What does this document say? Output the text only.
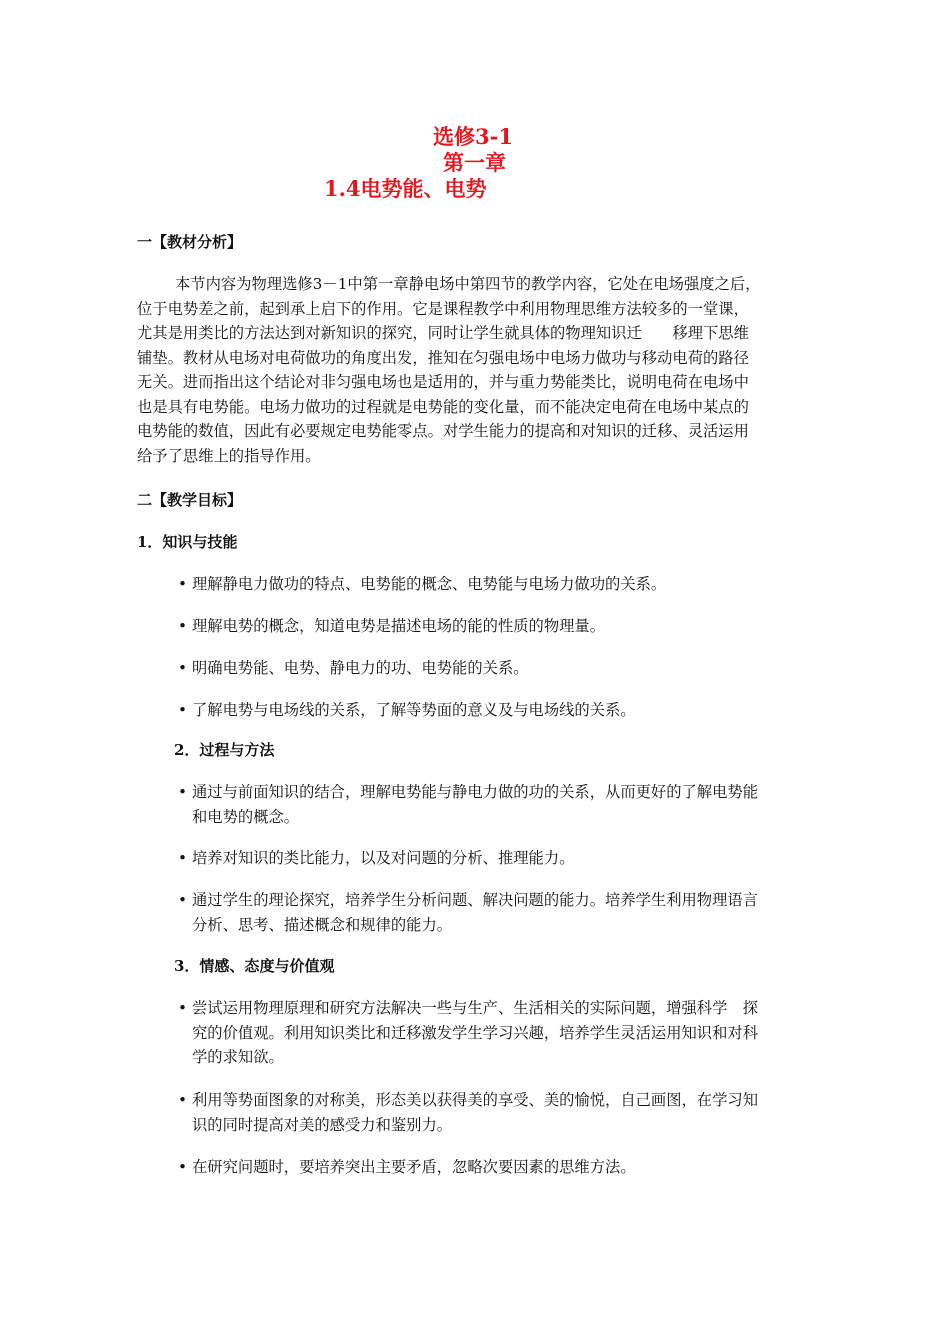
选修3-1
第一章
1.4电势能、电势
一【教材分析】
本节内容为物理选修3－1中第一章静电场中第四节的教学内容，它处在电场强度之后，
位于电势差之前，起到承上启下的作用。它是课程教学中利用物理思维方法较多的一堂课，
尤其是用类比的方法达到对新知识的探究，同时让学生就具体的物理知识迁　　移理下思维
铺垫。教材从电场对电荷做功的角度出发，推知在匀强电场中电场力做功与移动电荷的路径
无关。进而指出这个结论对非匀强电场也是适用的，并与重力势能类比，说明电荷在电场中
也是具有电势能。电场力做功的过程就是电势能的变化量，而不能决定电荷在电场中某点的
电势能的数值，因此有必要规定电势能零点。对学生能力的提高和对知识的迁移、灵活运用
给予了思维上的指导作用。
二【教学目标】
1．知识与技能
• 理解静电力做功的特点、电势能的概念、电势能与电场力做功的关系。
• 理解电势的概念，知道电势是描述电场的能的性质的物理量。
• 明确电势能、电势、静电力的功、电势能的关系。
• 了解电势与电场线的关系，了解等势面的意义及与电场线的关系。
2．过程与方法
• 通过与前面知识的结合，理解电势能与静电力做的功的关系，从而更好的了解电势能
和电势的概念。
• 培养对知识的类比能力，以及对问题的分析、推理能力。
• 通过学生的理论探究，培养学生分析问题、解决问题的能力。培养学生利用物理语言
分析、思考、描述概念和规律的能力。
3．情感、态度与价值观
• 尝试运用物理原理和研究方法解决一些与生产、生活相关的实际问题，增强科学　探
究的价值观。利用知识类比和迁移激发学生学习兴趣，培养学生灵活运用知识和对科
学的求知欲。
• 利用等势面图象的对称美，形态美以获得美的享受、美的愉悦，自己画图，在学习知
识的同时提高对美的感受力和鉴别力。
• 在研究问题时，要培养突出主要矛盾，忽略次要因素的思维方法。
